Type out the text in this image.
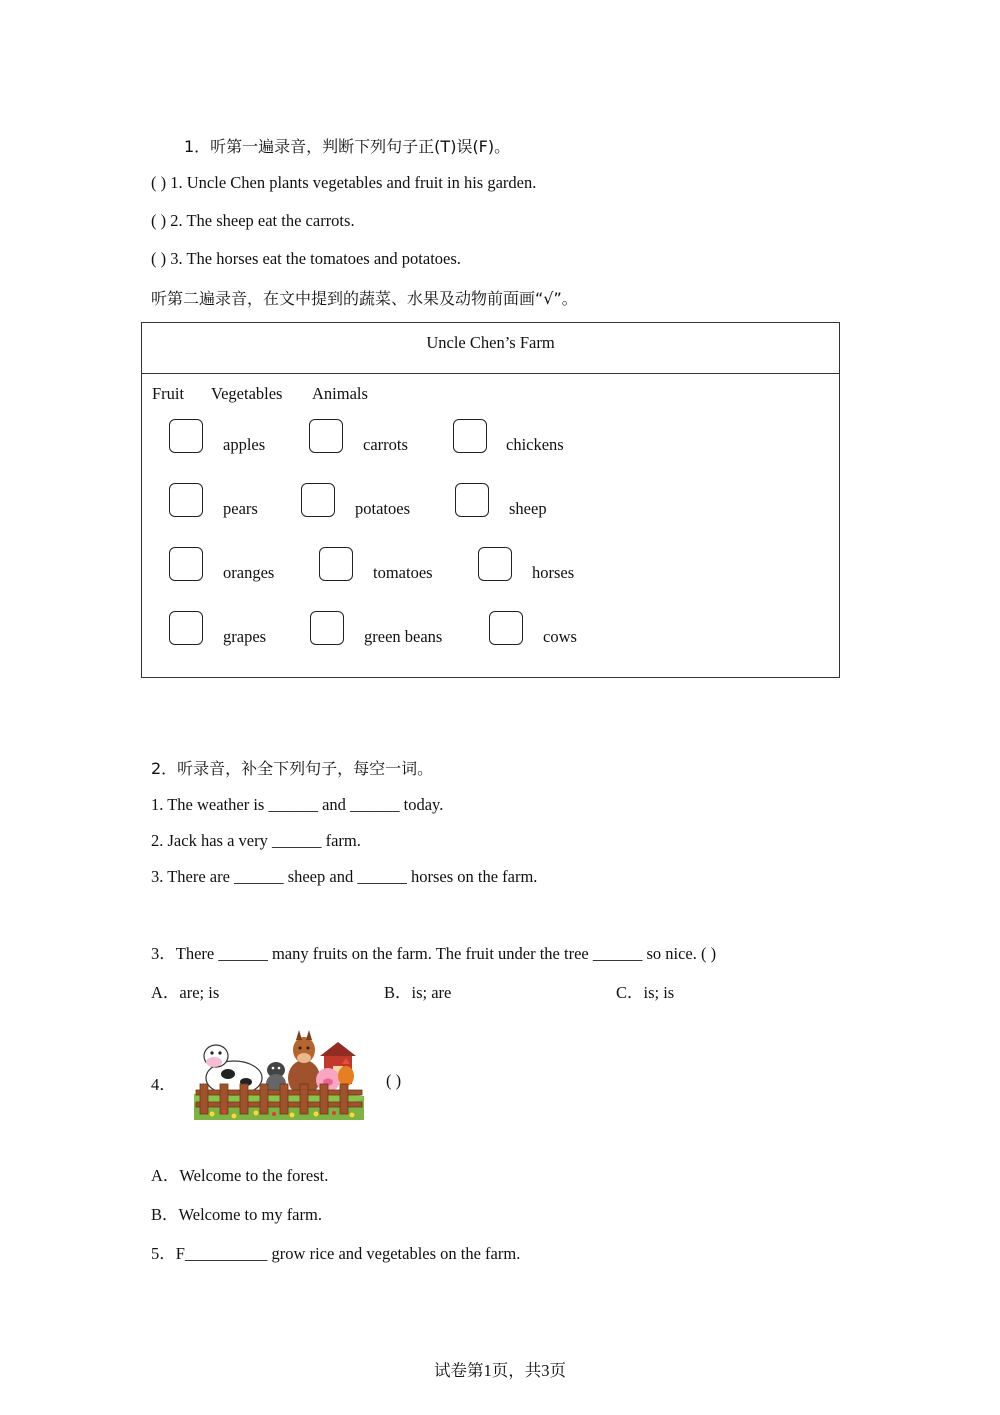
1．听第一遍录音，判断下列句子正(T)误(F)。
( ) 1. Uncle Chen plants vegetables and fruit in his garden.
( ) 2. The sheep eat the carrots.
( ) 3. The horses eat the tomatoes and potatoes.
听第二遍录音，在文中提到的蔬菜、水果及动物前面画“√”。
Uncle Chen’s Farm
Fruit Vegetables Animals
apples	carrots	chickens
pears	potatoes	sheep
oranges	tomatoes	horses
grapes	green beans	cows
2．听录音，补全下列句子，每空一词。
1. The weather is ______ and ______ today.
2. Jack has a very ______ farm.
3. There are ______ sheep and ______ horses on the farm.
3．There ______ many fruits on the farm. The fruit under the tree ______ so nice. ( )
A．are; is	B．is; are	C．is; is
4．	( )
A．Welcome to the forest.
B．Welcome to my farm.
5．F__________ grow rice and vegetables on the farm.
试卷第1页，共3页
